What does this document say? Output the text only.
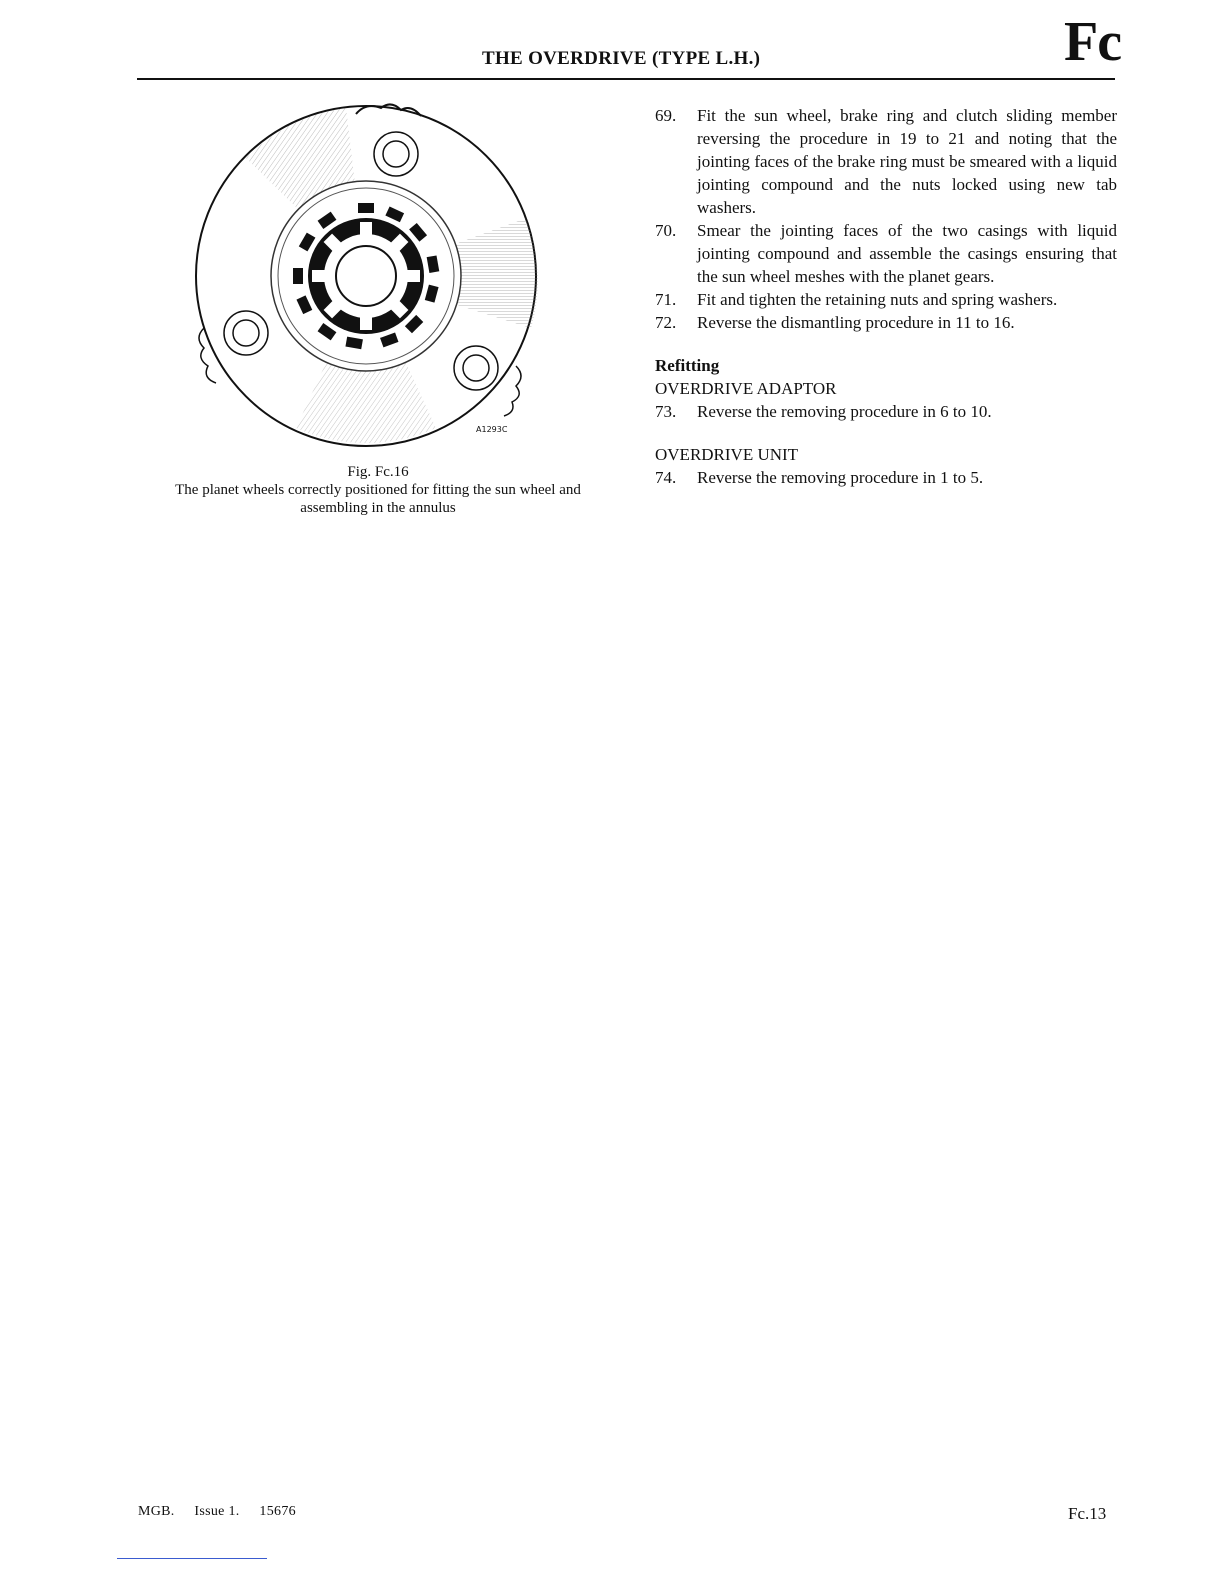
THE OVERDRIVE (TYPE L.H.)	Fc
A1293C
Fig. Fc.16
The planet wheels correctly positioned for fitting the sun wheel and assembling in the annulus
69.	Fit the sun wheel, brake ring and clutch sliding member reversing the procedure in 19 to 21 and noting that the jointing faces of the brake ring must be smeared with a liquid jointing compound and the nuts locked using new tab washers.
70.	Smear the jointing faces of the two casings with liquid jointing compound and assemble the casings ensuring that the sun wheel meshes with the planet gears.
71.	Fit and tighten the retaining nuts and spring washers.
72.	Reverse the dismantling procedure in 11 to 16.
Refitting
OVERDRIVE ADAPTOR
73.	Reverse the removing procedure in 6 to 10.
OVERDRIVE UNIT
74.	Reverse the removing procedure in 1 to 5.
MGB. Issue 1. 15676	Fc.13
